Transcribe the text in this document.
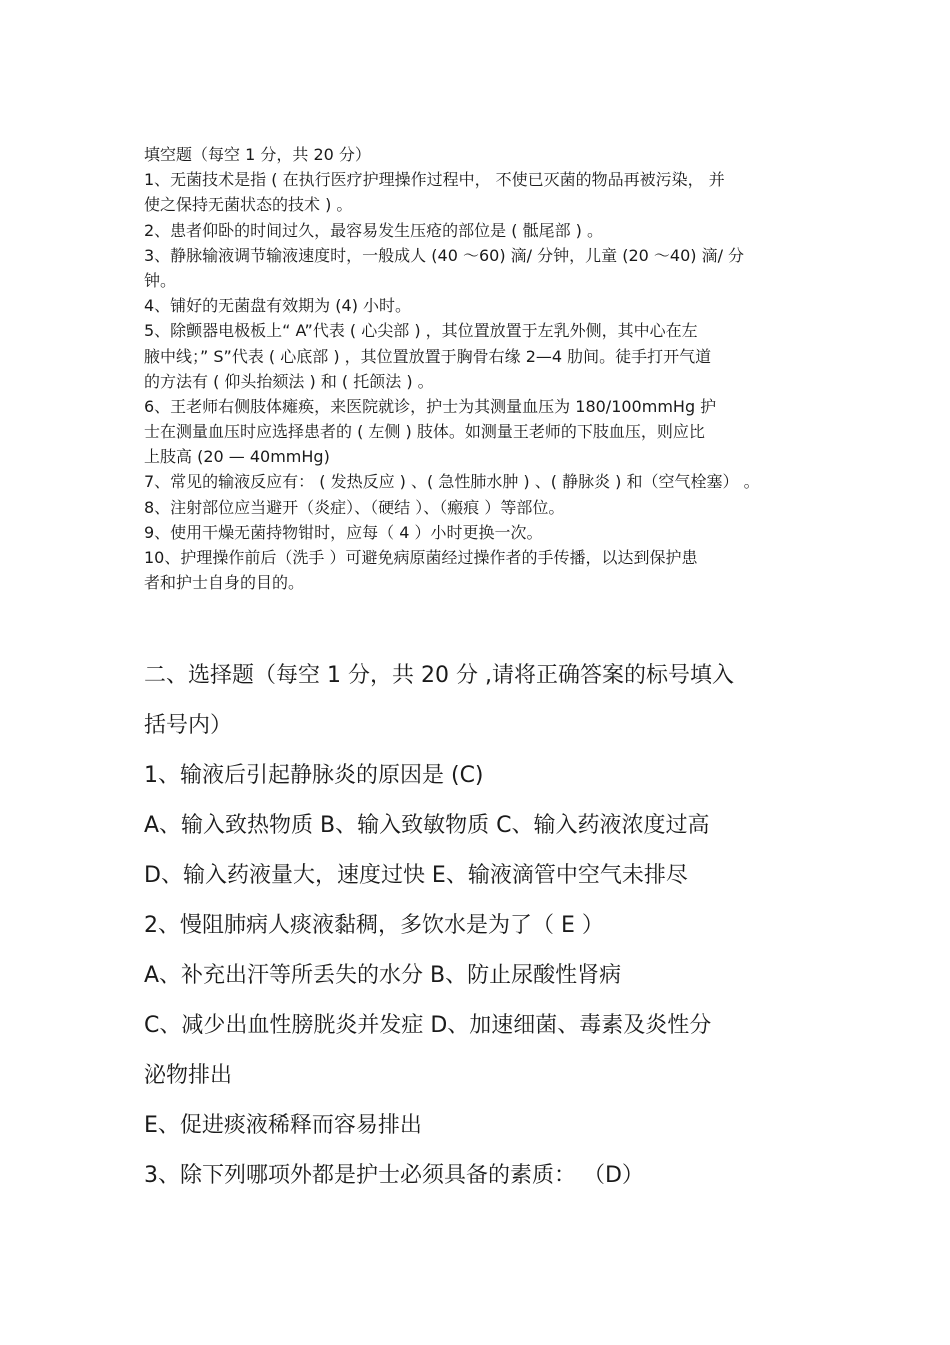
填空题（每空 1 分，共 20 分）
1、无菌技术是指 ( 在执行医疗护理操作过程中， 不使已灭菌的物品再被污染， 并
使之保持无菌状态的技术 ) 。
2、患者仰卧的时间过久，最容易发生压疮的部位是 ( 骶尾部 ) 。
3、静脉输液调节输液速度时，一般成人 (40 ～60) 滴/ 分钟，儿童 (20 ～40) 滴/ 分
钟。
4、铺好的无菌盘有效期为 (4) 小时。
5、除颤器电极板上“ A”代表 ( 心尖部 ) ，其位置放置于左乳外侧，其中心在左
腋中线；” S”代表 ( 心底部 ) ，其位置放置于胸骨右缘 2—4 肋间。徒手打开气道
的方法有 ( 仰头抬颏法 ) 和 ( 托颌法 ) 。
6、王老师右侧肢体瘫痪，来医院就诊，护士为其测量血压为 180/100mmHg 护
士在测量血压时应选择患者的 ( 左侧 ) 肢体。如测量王老师的下肢血压，则应比
上肢高 (20 — 40mmHg)
7、常见的输液反应有： ( 发热反应 ) 、( 急性肺水肿 ) 、( 静脉炎 ) 和（空气栓塞） 。
8、注射部位应当避开（炎症）、（硬结 ）、（瘢痕 ）等部位。
9、使用干燥无菌持物钳时，应每（ 4 ）小时更换一次。
10、护理操作前后（洗手 ）可避免病原菌经过操作者的手传播，以达到保护患
者和护士自身的目的。
二、选择题（每空 1 分，共 20 分 ,请将正确答案的标号填入
括号内）
1、输液后引起静脉炎的原因是 (C)
A、输入致热物质 B、输入致敏物质 C、输入药液浓度过高
D、输入药液量大，速度过快 E、输液滴管中空气未排尽
2、慢阻肺病人痰液黏稠，多饮水是为了（ E ）
A、补充出汗等所丢失的水分 B、防止尿酸性肾病
C、减少出血性膀胱炎并发症 D、加速细菌、毒素及炎性分
泌物排出
E、促进痰液稀释而容易排出
3、除下列哪项外都是护士必须具备的素质： （D）
